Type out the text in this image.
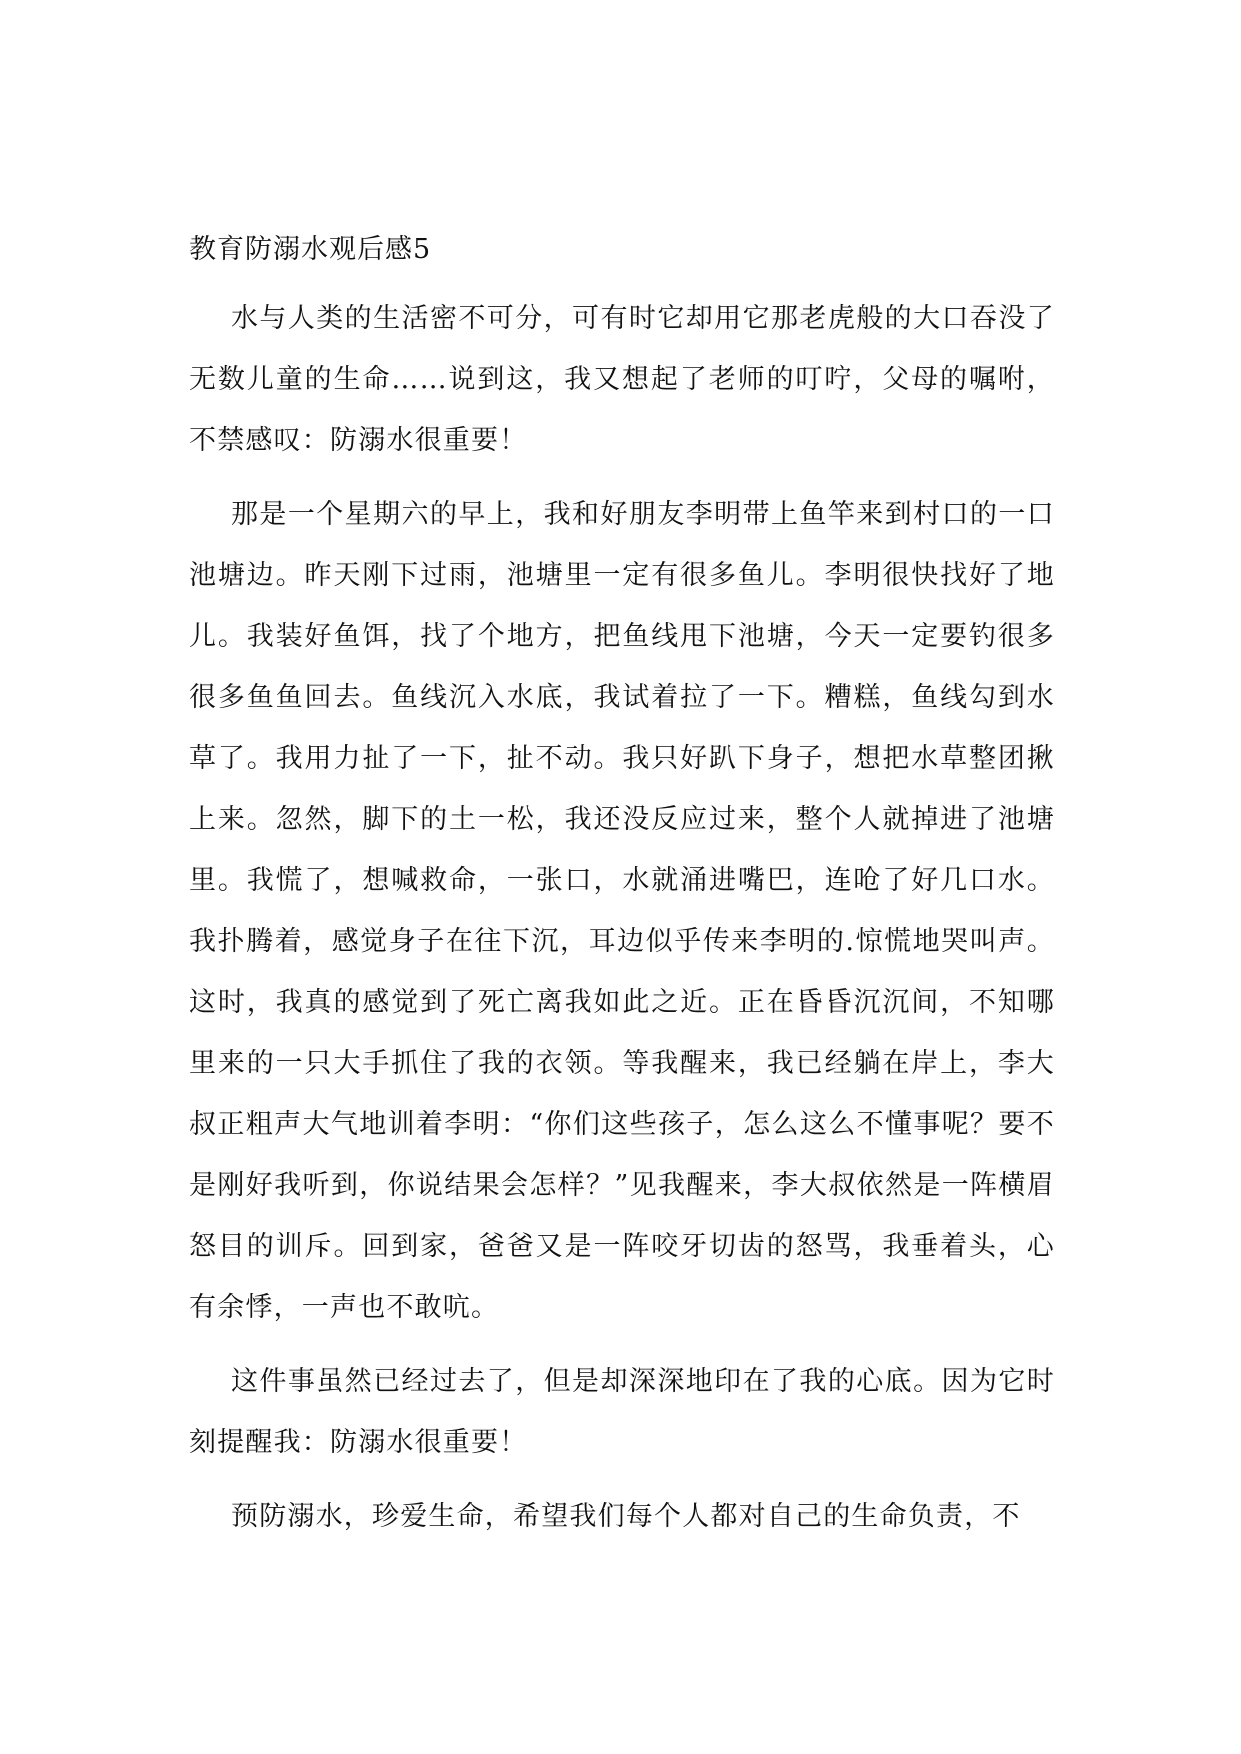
教育防溺水观后感5

水与人类的生活密不可分，可有时它却用它那老虎般的大口吞没了无数儿童的生命……说到这，我又想起了老师的叮咛，父母的嘱咐，不禁感叹：防溺水很重要！

那是一个星期六的早上，我和好朋友李明带上鱼竿来到村口的一口池塘边。昨天刚下过雨，池塘里一定有很多鱼儿。李明很快找好了地儿。我装好鱼饵，找了个地方，把鱼线甩下池塘，今天一定要钓很多很多鱼鱼回去。鱼线沉入水底，我试着拉了一下。糟糕，鱼线勾到水草了。我用力扯了一下，扯不动。我只好趴下身子，想把水草整团揪上来。忽然，脚下的土一松，我还没反应过来，整个人就掉进了池塘里。我慌了，想喊救命，一张口，水就涌进嘴巴，连呛了好几口水。我扑腾着，感觉身子在往下沉，耳边似乎传来李明的.惊慌地哭叫声。这时，我真的感觉到了死亡离我如此之近。正在昏昏沉沉间，不知哪里来的一只大手抓住了我的衣领。等我醒来，我已经躺在岸上，李大叔正粗声大气地训着李明：“你们这些孩子，怎么这么不懂事呢？要不是刚好我听到，你说结果会怎样？”见我醒来，李大叔依然是一阵横眉怒目的训斥。回到家，爸爸又是一阵咬牙切齿的怒骂，我垂着头，心有余悸，一声也不敢吭。

这件事虽然已经过去了，但是却深深地印在了我的心底。因为它时刻提醒我：防溺水很重要！

预防溺水，珍爱生命，希望我们每个人都对自己的生命负责，不
